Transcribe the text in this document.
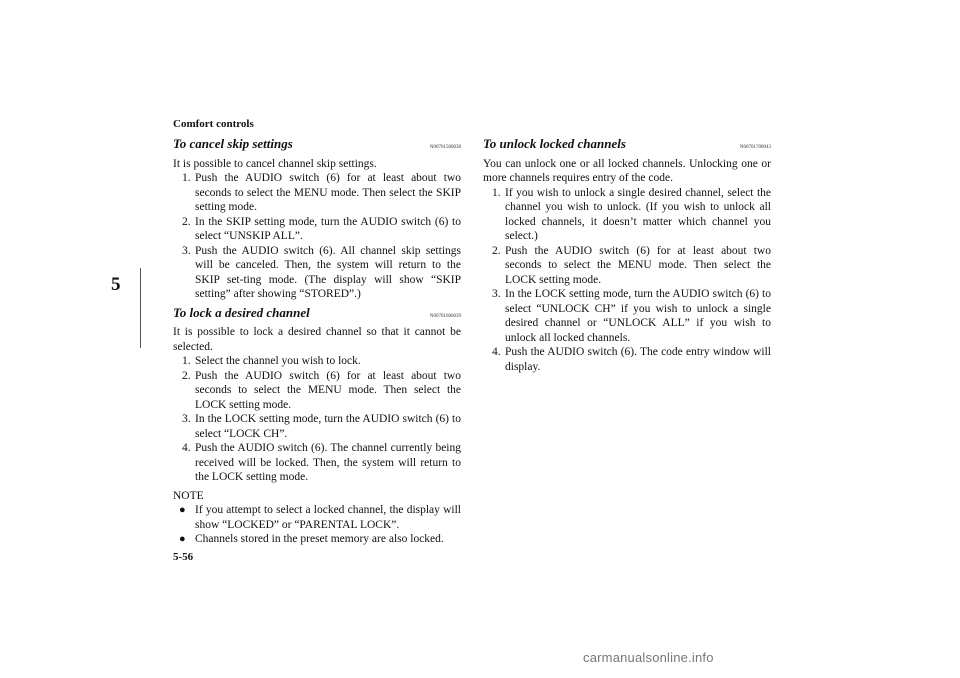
Comfort controls
5
To cancel skip settings	N00701500038

It is possible to cancel channel skip settings.

1. Push the AUDIO switch (6) for at least about two seconds to select the MENU mode. Then select the SKIP setting mode.
2. In the SKIP setting mode, turn the AUDIO switch (6) to select “UNSKIP ALL”.
3. Push the AUDIO switch (6). All channel skip settings will be canceled. Then, the system will return to the SKIP set-ting mode. (The display will show “SKIP setting” after showing “STORED”.)
To lock a desired channel	N00701600039

It is possible to lock a desired channel so that it cannot be selected.

1. Select the channel you wish to lock.
2. Push the AUDIO switch (6) for at least about two seconds to select the MENU mode. Then select the LOCK setting mode.
3. In the LOCK setting mode, turn the AUDIO switch (6) to select “LOCK CH”.
4. Push the AUDIO switch (6). The channel currently being received will be locked. Then, the system will return to the LOCK setting mode.
NOTE
● If you attempt to select a locked channel, the display will show “LOCKED” or “PARENTAL LOCK”.
● Channels stored in the preset memory are also locked.
To unlock locked channels	N00701700043

You can unlock one or all locked channels. Unlocking one or more channels requires entry of the code.

1. If you wish to unlock a single desired channel, select the channel you wish to unlock. (If you wish to unlock all locked channels, it doesn’t matter which channel you select.)
2. Push the AUDIO switch (6) for at least about two seconds to select the MENU mode. Then select the LOCK setting mode.
3. In the LOCK setting mode, turn the AUDIO switch (6) to select “UNLOCK CH” if you wish to unlock a single desired channel or “UNLOCK ALL” if you wish to unlock all locked channels.
4. Push the AUDIO switch (6). The code entry window will display.
5-56
carmanualsonline.info
